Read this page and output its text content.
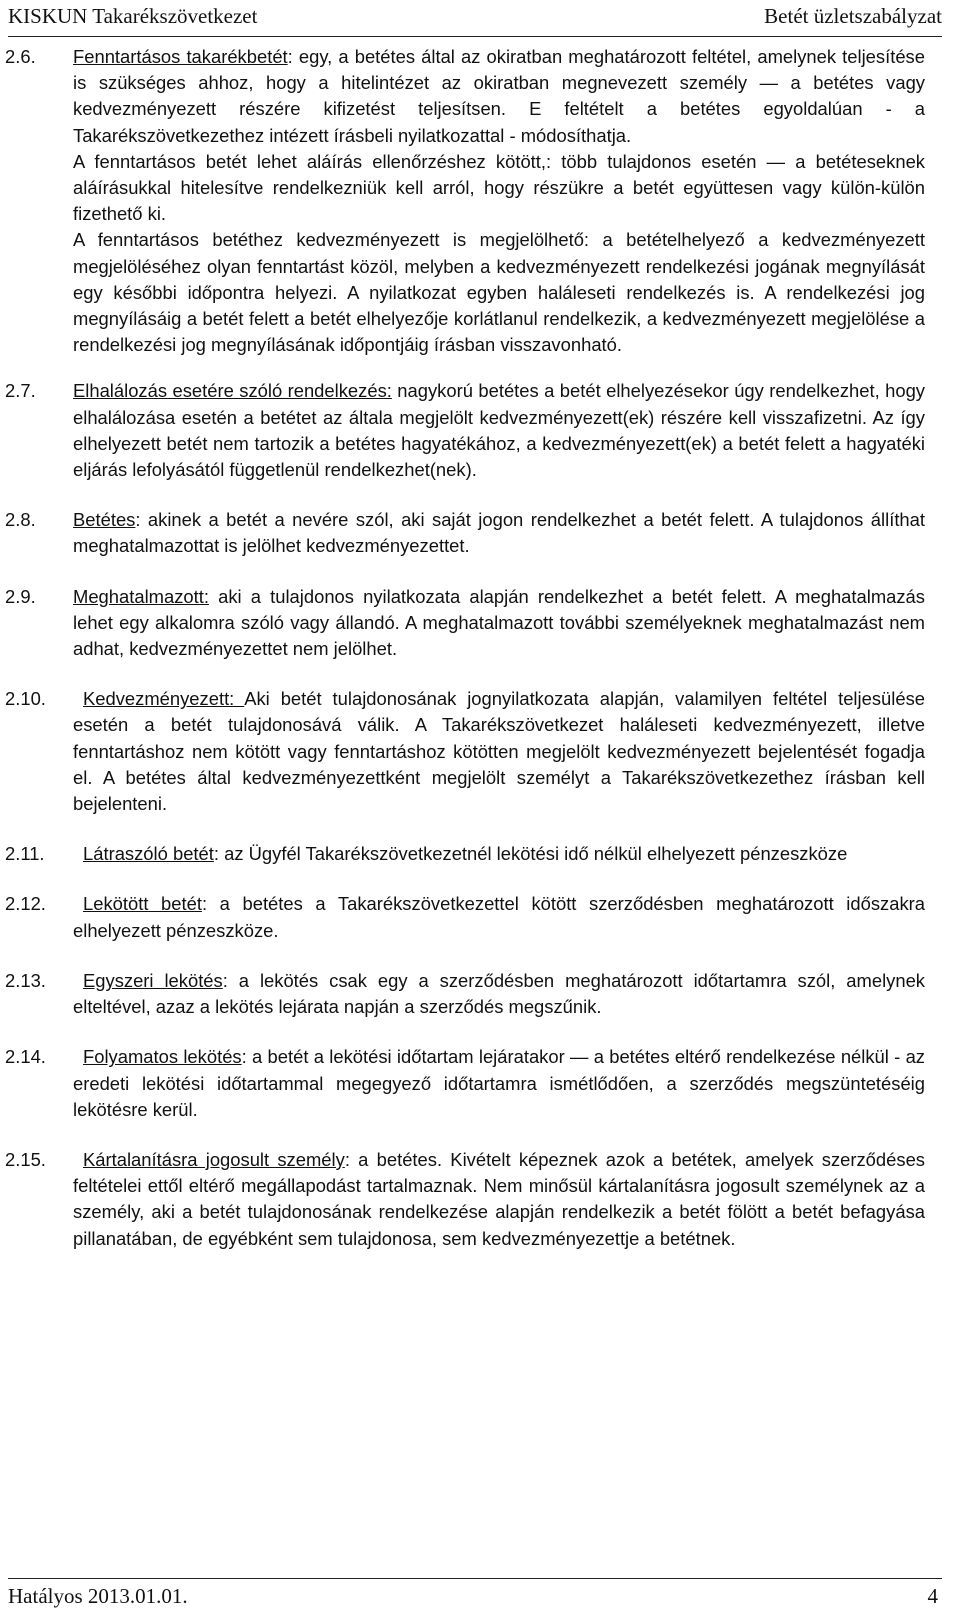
KISKUN Takarékszövetkezet	Betét üzletszabályzat

2.6. Fenntartásos takarékbetét: egy, a betétes által az okiratban meghatározott feltétel, amelynek teljesítése is szükséges ahhoz, hogy a hitelintézet az okiratban megnevezett személy — a betétes vagy kedvezményezett részére kifizetést teljesítsen. E feltételt a betétes egyoldalúan - a Takarékszövetkezethez intézett írásbeli nyilatkozattal - módosíthatja.

A fenntartásos betét lehet aláírás ellenőrzéshez kötött,: több tulajdonos esetén — a betéteseknek aláírásukkal hitelesítve rendelkezniük kell arról, hogy részükre a betét együttesen vagy külön-külön fizethető ki.

A fenntartásos betéthez kedvezményezett is megjelölhető: a betételhelyező a kedvezményezett megjelöléséhez olyan fenntartást közöl, melyben a kedvezményezett rendelkezési jogának megnyílását egy későbbi időpontra helyezi. A nyilatkozat egyben haláleseti rendelkezés is. A rendelkezési jog megnyílásáig a betét felett a betét elhelyezője korlátlanul rendelkezik, a kedvezményezett megjelölése a rendelkezési jog megnyílásának időpontjáig írásban visszavonható.

2.7. Elhalálozás esetére szóló rendelkezés: nagykorú betétes a betét elhelyezésekor úgy rendelkezhet, hogy elhalálozása esetén a betétet az általa megjelölt kedvezményezett(ek) részére kell visszafizetni. Az így elhelyezett betét nem tartozik a betétes hagyatékához, a kedvezményezett(ek) a betét felett a hagyatéki eljárás lefolyásától függetlenül rendelkezhet(nek).

2.8. Betétes: akinek a betét a nevére szól, aki saját jogon rendelkezhet a betét felett. A tulajdonos állíthat meghatalmazottat is jelölhet kedvezményezettet.

2.9. Meghatalmazott: aki a tulajdonos nyilatkozata alapján rendelkezhet a betét felett. A meghatalmazás lehet egy alkalomra szóló vagy állandó. A meghatalmazott további személyeknek meghatalmazást nem adhat, kedvezményezettet nem jelölhet.

2.10. Kedvezményezett: Aki betét tulajdonosának jognyilatkozata alapján, valamilyen feltétel teljesülése esetén a betét tulajdonosává válik. A Takarékszövetkezet haláleseti kedvezményezett, illetve fenntartáshoz nem kötött vagy fenntartáshoz kötötten megjelölt kedvezményezett bejelentését fogadja el. A betétes által kedvezményezettként megjelölt személyt a Takarékszövetkezethez írásban kell bejelenteni.

2.11. Látraszóló betét: az Ügyfél Takarékszövetkezetnél lekötési idő nélkül elhelyezett pénzeszköze

2.12. Lekötött betét: a betétes a Takarékszövetkezettel kötött szerződésben meghatározott időszakra elhelyezett pénzeszköze.

2.13. Egyszeri lekötés: a lekötés csak egy a szerződésben meghatározott időtartamra szól, amelynek elteltével, azaz a lekötés lejárata napján a szerződés megszűnik.

2.14. Folyamatos lekötés: a betét a lekötési időtartam lejáratakor — a betétes eltérő rendelkezése nélkül - az eredeti lekötési időtartammal megegyező időtartamra ismétlődően, a szerződés megszüntetéséig lekötésre kerül.

2.15. Kártalanításra jogosult személy: a betétes. Kivételt képeznek azok a betétek, amelyek szerződéses feltételei ettől eltérő megállapodást tartalmaznak. Nem minősül kártalanításra jogosult személynek az a személy, aki a betét tulajdonosának rendelkezése alapján rendelkezik a betét fölött a betét befagyása pillanatában, de egyébként sem tulajdonosa, sem kedvezményezettje a betétnek.

Hatályos 2013.01.01.	4
